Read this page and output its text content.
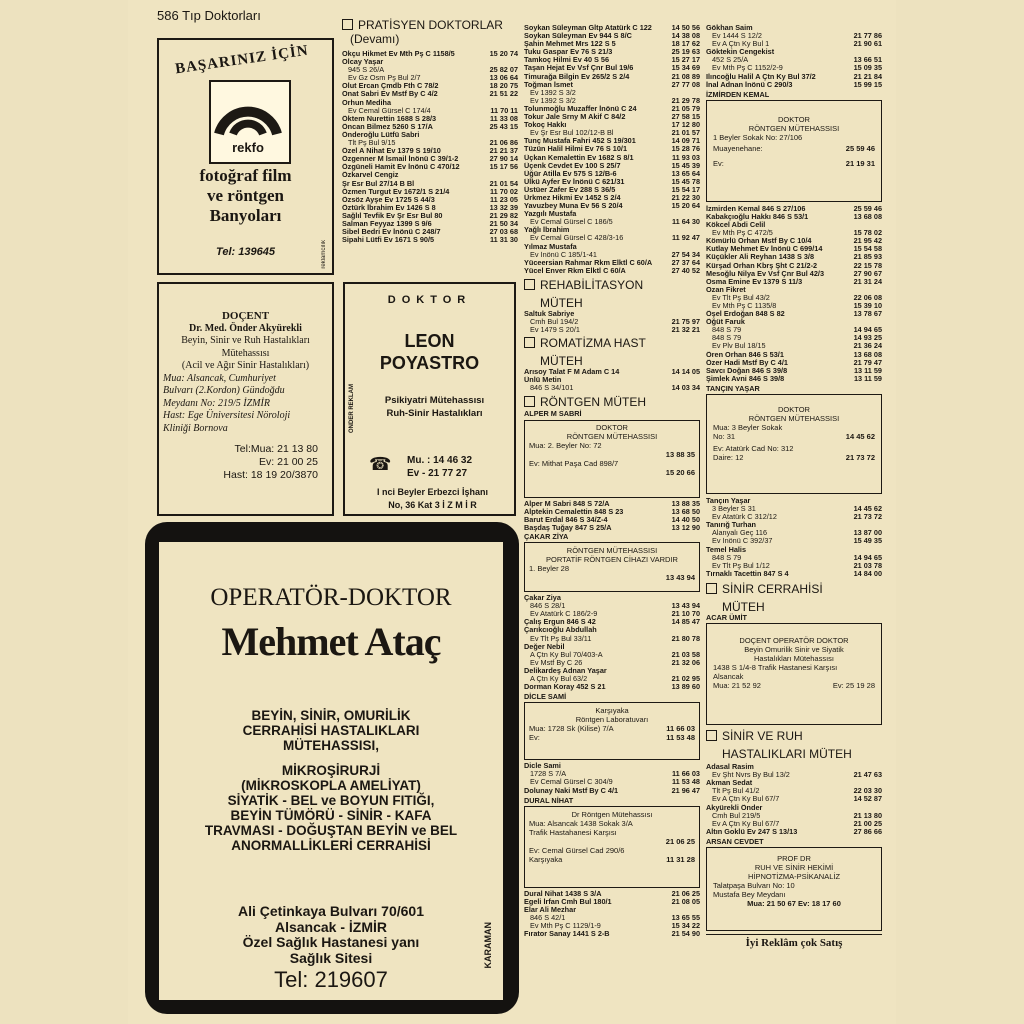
586 Tıp Doktorları
BAŞARINIZ İÇİN
rekfo
fotoğraf film
ve röntgen
Banyoları
Tel: 139645	reklamcılık
DOÇENT
Dr. Med. Önder Akyürekli
Beyin, Sinir ve Ruh Hastalıkları
Mütehassısı
(Acil ve Ağır Sinir Hastalıkları)
Mua: Alsancak, Cumhuriyet
Bulvarı (2.Kordon) Gündoğdu
Meydanı No: 219/5 İZMİR
Hast: Ege Üniversitesi Nöroloji
Kliniği Bornova
Tel:Mua: 21 13 80
Ev: 21 00 25
Hast: 18 19 20/3870
DOKTOR
LEON
POYASTRO
Psikiyatri Mütehassısı
Ruh-Sinir Hastalıkları
☎ Mu. : 14 46 32
Ev - 21 77 27
I nci Beyler Erbezci İşhanı
No, 36 Kat 3 İ Z M İ R
ÖNDER REKLAM
OPERATÖR-DOKTOR
Mehmet Ataç
BEYİN, SİNİR, OMURİLİK
CERRAHİSİ HASTALIKLARI
MÜTEHASSISI,
MİKROŞİRURJİ
(MİKROSKOPLA AMELİYAT)
SİYATİK - BEL ve BOYUN FITIĞI,
BEYİN TÜMÖRÜ - SİNİR - KAFA
TRAVMASI - DOĞUŞTAN BEYİN ve BEL
ANORMALLİKLERİ CERRAHİSİ
Ali Çetinkaya Bulvarı 70/601
Alsancak - İZMİR
Özel Sağlık Hastanesi yanı
Sağlık Sitesi
Tel: 219607
KARAMAN
PRATİSYEN DOKTORLAR
(Devamı)
Okçu Hikmet Ev Mth Pş C 1158/5	15 20 74
Olcay Yaşar
945 S 26/A	25 82 07
Ev Gz Osm Pş Bul 2/7	13 06 64
Olut Ercan Çmdb Fth C 78/2	18 20 75
Onat Sabri Ev Mstf By C 4/2	21 51 22
Orhun Mediha
Ev Cemal Gürsel C 174/4	11 70 11
Öktem Nurettin 1688 S 28/3	11 33 08
Öncan Bilmez 5260 S 17/A	25 43 15
Önderoğlu Lütfü Sabri
Tlt Pş Bul 9/15	21 06 86
Özel A Nihat Ev 1379 S 19/10	21 21 37
Özgenner M İsmail İnönü C 39/1-2	27 90 14
Özgüneli Hamit Ev İnönü C 470/12	15 17 56
Özkarvel Cengiz
Şr Esr Bul 27/14 B Bl	21 01 54
Özmen Turgut Ev 1672/1 S 21/4	11 70 02
Özsöz Ayşe Ev 1725 S 44/3	11 23 05
Öztürk İbrahim Ev 1426 S 8	13 32 39
Sağlıl Tevfik Ev Şr Esr Bul 80	21 29 82
Salman Feyyaz 1399 S 9/6	21 50 34
Sibel Bedri Ev İnönü C 248/7	27 03 68
Sipahi Lütfi Ev 1671 S 90/5	11 31 30
Soykan Süleyman Gltp Atatürk C 122	14 50 56
Soykan Süleyman Ev 944 S 8/C	14 38 08
Şahin Mehmet Mrs 122 S 5	18 17 62
Tuku Gaspar Ev 76 S 21/3	25 19 63
Tamkoç Hilmi Ev 40 S 56	15 27 17
Taşan Hejat Ev Vsf Çnr Bul 19/6	15 34 69
Timurağa Bilgin Ev 265/2 S 2/4	21 08 89
Toğman İsmet	27 77 08
Ev 1392 S 3/2
Ev 1392 S 3/2	21 29 78
Tolunmoğlu Muzaffer İnönü C 24	21 05 79
Tokur Jale Srny M Akif C 84/2	27 58 15
Tokoç Hakkı	17 12 80
Ev Şr Esr Bul 102/12-B Bl	21 01 57
Tunç Mustafa Fahri 452 S 19/301	14 09 71
Tüzün Halil Hilmi Ev 76 S 10/1	15 28 76
Üçkan Kemalettin Ev 1682 S 8/1	11 93 03
Üçenk Cevdet Ev 100 S 25/7	15 45 39
Üğür Atilla Ev 575 S 12/B-6	13 65 64
Ülkü Ayfer Ev İnönü C 621/31	15 45 78
Üstüer Zafer Ev 288 S 36/5	15 54 17
Ürkmez Hikmi Ev 1452 S 2/4	21 22 30
Yavuzbey Muna Ev 56 S 20/4	15 20 64
Yazgılı Mustafa
Ev Cemal Gürsel C 186/5	11 64 30
Yağlı İbrahim
Ev Cemal Gürsel C 428/3-16	11 92 47
Yılmaz Mustafa
Ev İnönü C 185/1-41	27 54 34
Yüceersian Rahmar Rkm Elktl C 60/A	27 37 64
Yücel Enver Rkm Elktl C 60/A	27 40 52
REHABİLİTASYON
MÜTEH
Saltuk Sabriye
Cmh Bul 194/2	21 75 97
Ev 1479 S 20/1	21 32 21
ROMATİZMA HAST
MÜTEH
Arısoy Talat F M Adam C 14	14 14 05
Ünlü Metin
846 S 34/101	14 03 34
RÖNTGEN MÜTEH
ALPER M SABRİ
DOKTOR
RÖNTGEN MÜTEHASSISI
Mua: 2. Beyler No: 72
13 88 35
Ev: Mithat Paşa Cad 898/7
15 20 66
Alper M Sabri 848 S 72/A	13 88 35
Alptekin Cemalettin 848 S 23	13 68 50
Barut Erdal 846 S 34/Z-4	14 40 50
Başdaş Tuğay 847 S 25/A	13 12 90
ÇAKAR ZİYA
RÖNTGEN MÜTEHASSISI
PORTATİF RÖNTGEN CİHAZI VARDIR
1. Beyler 28
13 43 94
Çakar Ziya
846 S 28/1	13 43 94
Ev Atatürk C 186/2-9	21 10 70
Çalış Ergun 846 S 42	14 85 47
Çarıkcıoğlu Abdullah
Ev Tlt Pş Bul 33/11	21 80 78
Değer Nebil
A Çtn Ky Bul 70/403-A	21 03 58
Ev Mstf By C 26	21 32 06
Delikardeş Adnan Yaşar
A Çtn Ky Bul 63/2	21 02 95
Dorman Koray 452 S 21	13 89 60
DİCLE SAMİ
Karşıyaka
Röntgen Laboratuvarı
Mua: 1728 Sk (Kilise) 7/A	11 66 03
Ev:	11 53 48
Dicle Sami
1728 S 7/A	11 66 03
Ev Cemal Gürsel C 304/9	11 53 48
Dolunay Naki Mstf By C 4/1	21 96 47
DURAL NİHAT
Dr Röntgen Mütehassısı
Mua: Alsancak 1438 Sokak 3/A
Trafik Hastahanesi Karşısı
21 06 25
Ev: Cemal Gürsel Cad 290/6
Karşıyaka	11 31 28
Dural Nihat 1438 S 3/A	21 06 25
Egeli İrfan Cmh Bul 180/1	21 08 05
Elar Ali Mezhar
846 S 42/1	13 65 55
Ev Mth Pş C 1129/1-9	15 34 22
Fırator Sanay 1441 S 2-B	21 54 90
Gökhan Saim
Ev 1444 S 12/2	21 77 86
Ev A Çtn Ky Bul 1	21 90 61
Göktekin Cengekist
452 S 25/A	13 66 51
Ev Mth Pş C 1152/2-9	15 09 35
Ilıncoğlu Halil A Çtn Ky Bul 37/2	21 21 84
İnal Adnan İnönü C 290/3	15 99 15
İZMİRDEN KEMAL
DOKTOR
RÖNTGEN MÜTEHASSISI
1 Beyler Sokak No: 27/106
Muayenehane:	25 59 46
Ev:	21 19 31
İzmirden Kemal 846 S 27/106	25 59 46
Kabakçıoğlu Hakkı 846 S 53/1	13 68 08
Kökcel Abdi Celil
Ev Mth Pş C 472/5	15 78 02
Kömürlü Orhan Mstf By C 10/4	21 95 42
Kutlay Mehmet Ev İnönü C 699/14	15 54 58
Küçükler Ali Reyhan 1438 S 3/8	21 85 93
Kürşad Orhan Kbrş Şht C 21/2-2	22 15 78
Mesoğlu Nilya Ev Vsf Çnr Bul 42/3	27 90 67
Osma Emine Ev 1379 S 11/3	21 31 24
Ozan Fikret
Ev Tlt Pş Bul 43/2	22 06 08
Ev Mth Pş C 1135/8	15 39 10
Öşel Erdoğan 848 S 82	13 78 67
Öğüt Faruk
848 S 79	14 94 65
848 S 79	14 93 25
Ev Plv Bul 18/15	21 36 24
Ören Orhan 846 S 53/1	13 68 08
Özer Hadi Mstf By C 4/1	21 79 47
Savcı Doğan 846 S 39/8	13 11 59
Şimlek Avni 846 S 39/8	13 11 59
TANÇIN YAŞAR
DOKTOR
RÖNTGEN MÜTEHASSISI
Mua: 3 Beyler Sokak
No: 31	14 45 62
Ev: Atatürk Cad No: 312
Daire: 12	21 73 72
Tançın Yaşar
3 Beyler S 31	14 45 62
Ev Atatürk C 312/12	21 73 72
Tanırığ Turhan
Alanyalı Geç 116	13 87 00
Ev İnönü C 392/37	15 49 35
Temel Halis
848 S 79	14 94 65
Ev Tlt Pş Bul 1/12	21 03 78
Tırnaklı Tacettin 847 S 4	14 84 00
SİNİR CERRAHİSİ
MÜTEH
ACAR ÜMİT
DOÇENT OPERATÖR DOKTOR
Beyin Omurilik Sinir ve Siyatik
Hastalıkları Mütehassısı
1438 S 1/4-8 Trafik Hastanesi Karşısı
Alsancak
Mua: 21 52 92	Ev: 25 19 28
SİNİR VE RUH
HASTALIKLARI MÜTEH
Adasal Rasim
Ev Şht Nvrs By Bul 13/2	21 47 63
Akman Sedat
Tlt Pş Bul 41/2	22 03 30
Ev A Çtn Ky Bul 67/7	14 52 87
Akyürekli Önder
Cmh Bul 219/5	21 13 80
Ev A Çtn Ky Bul 67/7	21 00 25
Altın Goklü Ev 247 S 13/13	27 86 66
ARSAN CEVDET
PROF DR
RUH VE SİNİR HEKİMİ
HİPNOTİZMA-PSİKANALİZ
Talatpaşa Bulvarı No: 10
Mustafa Bey Meydanı
Mua: 21 50 67 Ev: 18 17 60
İyi Reklâm çok Satış
